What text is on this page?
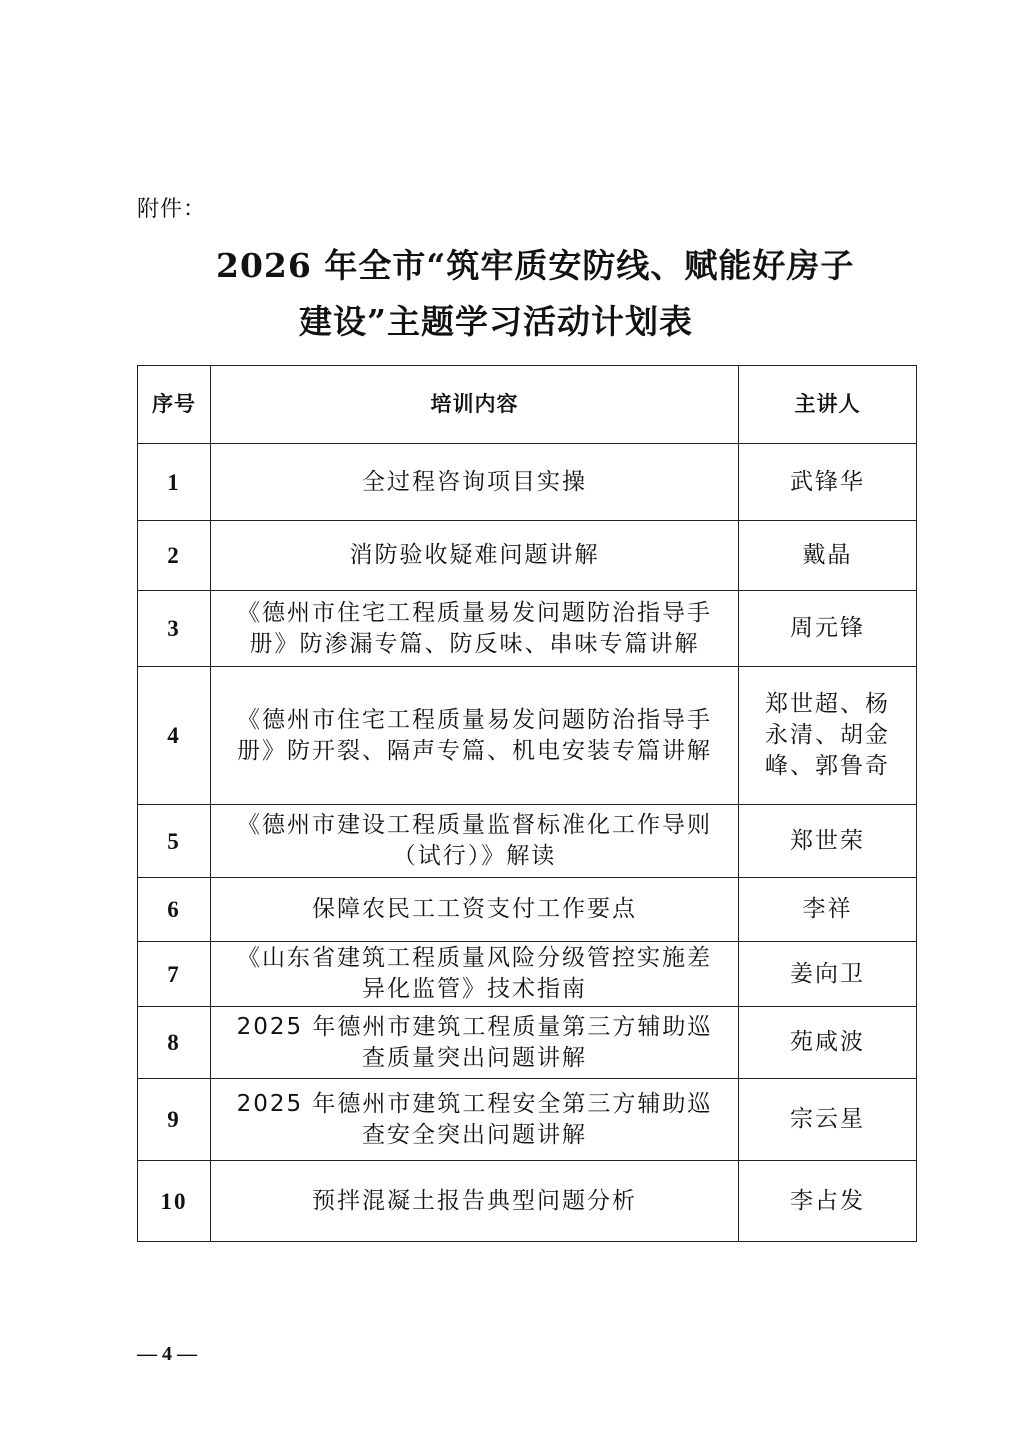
附件：
2026 年全市“筑牢质安防线、赋能好房子
建设”主题学习活动计划表
序号	培训内容	主讲人
1	全过程咨询项目实操	武锋华
2	消防验收疑难问题讲解	戴晶
3	《德州市住宅工程质量易发问题防治指导手册》防渗漏专篇、防反味、串味专篇讲解	周元锋
4	《德州市住宅工程质量易发问题防治指导手册》防开裂、隔声专篇、机电安装专篇讲解	郑世超、杨永清、胡金峰、郭鲁奇
5	《德州市建设工程质量监督标准化工作导则（试行）》解读	郑世荣
6	保障农民工工资支付工作要点	李祥
7	《山东省建筑工程质量风险分级管控实施差异化监管》技术指南	姜向卫
8	2025 年德州市建筑工程质量第三方辅助巡查质量突出问题讲解	苑咸波
9	2025 年德州市建筑工程安全第三方辅助巡查安全突出问题讲解	宗云星
10	预拌混凝土报告典型问题分析	李占发
— 4 —
